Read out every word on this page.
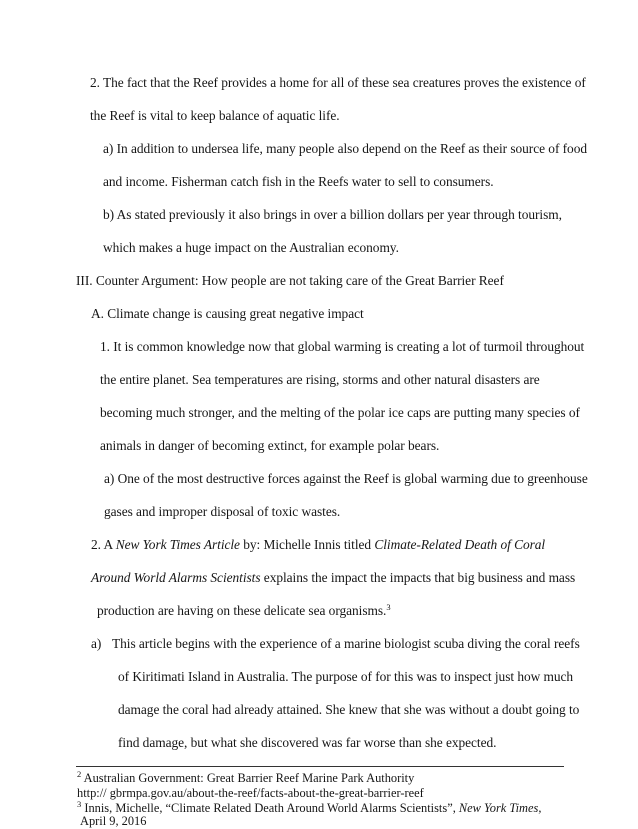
2. The fact that the Reef provides a home for all of these sea creatures proves the existence of
the Reef is vital to keep balance of aquatic life.
a) In addition to undersea life, many people also depend on the Reef as their source of food
and income. Fisherman catch fish in the Reefs water to sell to consumers.
b) As stated previously it also brings in over a billion dollars per year through tourism,
which makes a huge impact on the Australian economy.
III. Counter Argument: How people are not taking care of the Great Barrier Reef
A. Climate change is causing great negative impact
1. It is common knowledge now that global warming is creating a lot of turmoil throughout
the entire planet. Sea temperatures are rising, storms and other natural disasters are
becoming much stronger, and the melting of the polar ice caps are putting many species of
animals in danger of becoming extinct, for example polar bears.
a) One of the most destructive forces against the Reef is global warming due to greenhouse
gases and improper disposal of toxic wastes.
2. A New York Times Article by: Michelle Innis titled Climate-Related Death of Coral
Around World Alarms Scientists explains the impact the impacts that big business and mass
production are having on these delicate sea organisms.$^3$
a) This article begins with the experience of a marine biologist scuba diving the coral reefs
of Kiritimati Island in Australia. The purpose of for this was to inspect just how much
damage the coral had already attained. She knew that she was without a doubt going to
find damage, but what she discovered was far worse than she expected.
$^2$ Australian Government: Great Barrier Reef Marine Park Authority
http:// gbrmpa.gov.au/about-the-reef/facts-about-the-great-barrier-reef
$^3$ Innis, Michelle, “Climate Related Death Around World Alarms Scientists”, New York Times,
April 9, 2016
